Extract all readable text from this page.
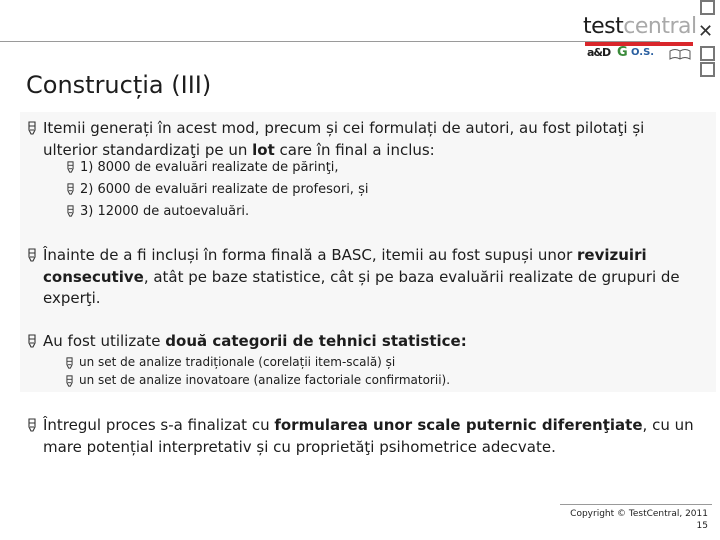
testcentral
a&D G O.S.
✕
Construcția (III)
Itemii generați în acest mod, precum și cei formulați de autori, au fost pilotaţi și ulterior standardizaţi pe un lot care în final a inclus:
1) 8000 de evaluări realizate de părinţi,
2) 6000 de evaluări realizate de profesori, și
3) 12000 de autoevaluări.
Înainte de a fi incluși în forma finală a BASC, itemii au fost supuși unor revizuiri consecutive, atât pe baze statistice, cât și pe baza evaluării realizate de grupuri de experţi.
Au fost utilizate două categorii de tehnici statistice:
un set de analize tradiționale (corelații item-scală) și
un set de analize inovatoare (analize factoriale confirmatorii).
Întregul proces s-a finalizat cu formularea unor scale puternic diferenţiate, cu un mare potențial interpretativ și cu proprietăţi psihometrice adecvate.
Copyright © TestCentral, 2011
15
